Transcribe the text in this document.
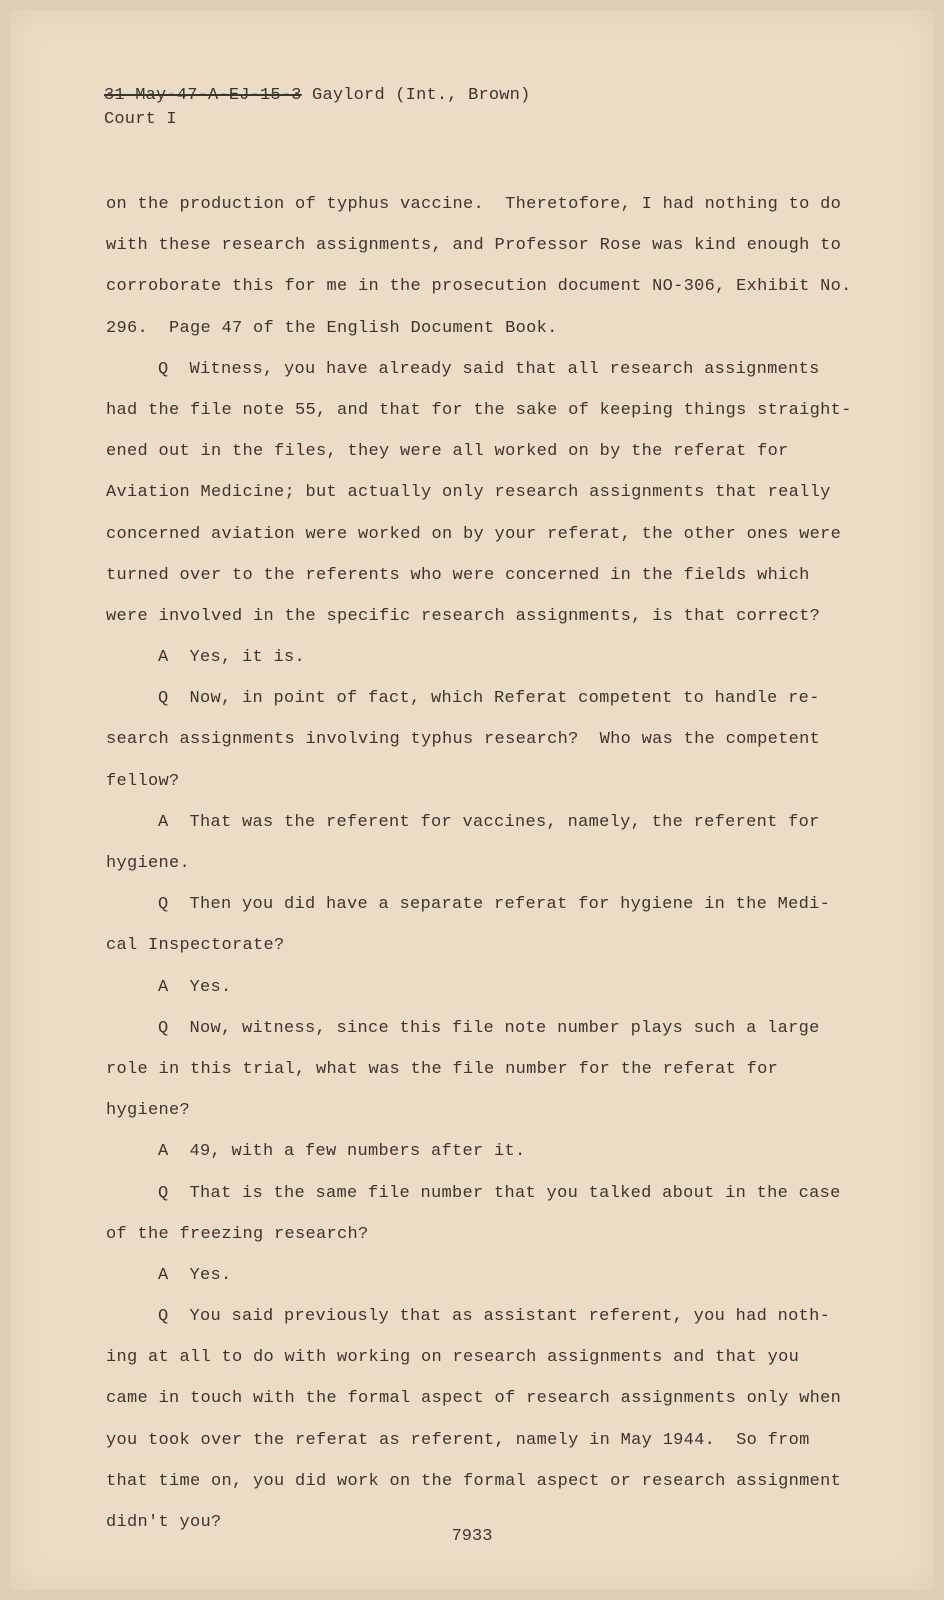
31 May-47-A-EJ-15-3 Gaylord (Int., Brown)
Court I
on the production of typhus vaccine.  Theretofore, I had nothing to do
with these research assignments, and Professor Rose was kind enough to
corroborate this for me in the prosecution document NO-306, Exhibit No.
296.  Page 47 of the English Document Book.
Q  Witness, you have already said that all research assignments
had the file note 55, and that for the sake of keeping things straight-
ened out in the files, they were all worked on by the referat for
Aviation Medicine; but actually only research assignments that really
concerned aviation were worked on by your referat, the other ones were
turned over to the referents who were concerned in the fields which
were involved in the specific research assignments, is that correct?
A  Yes, it is.
Q  Now, in point of fact, which Referat competent to handle re-
search assignments involving typhus research?  Who was the competent
fellow?
A  That was the referent for vaccines, namely, the referent for
hygiene.
Q  Then you did have a separate referat for hygiene in the Medi-
cal Inspectorate?
A  Yes.
Q  Now, witness, since this file note number plays such a large
role in this trial, what was the file number for the referat for
hygiene?
A  49, with a few numbers after it.
Q  That is the same file number that you talked about in the case
of the freezing research?
A  Yes.
Q  You said previously that as assistant referent, you had noth-
ing at all to do with working on research assignments and that you
came in touch with the formal aspect of research assignments only when
you took over the referat as referent, namely in May 1944.  So from
that time on, you did work on the formal aspect or research assignment
didn't you?
7933
